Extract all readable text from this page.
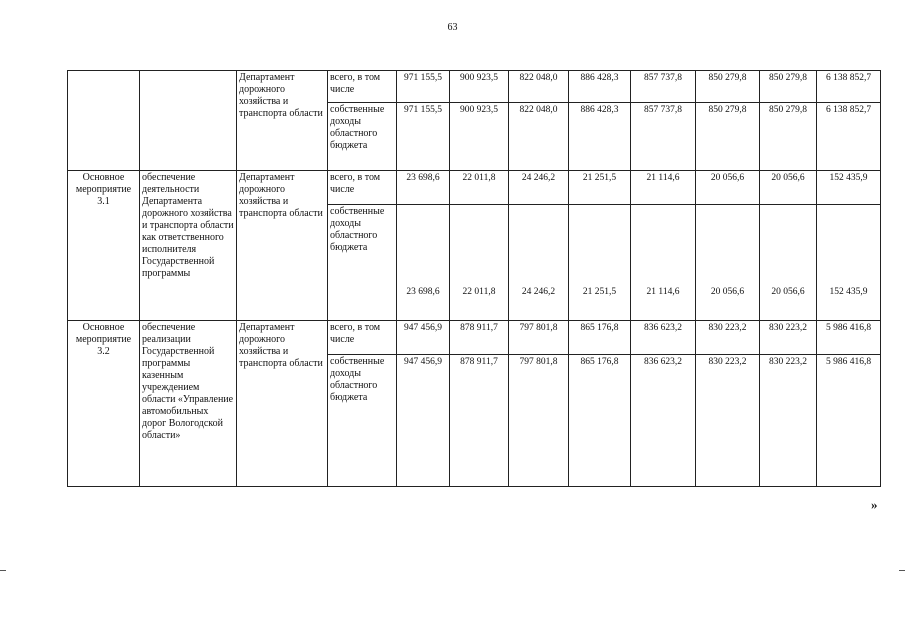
63
		Департамент дорожного хозяйства и транспорта области	всего, в том числе	971 155,5	900 923,5	822 048,0	886 428,3	857 737,8	850 279,8	850 279,8	6 138 852,7
			собственные доходы областного бюджета	971 155,5	900 923,5	822 048,0	886 428,3	857 737,8	850 279,8	850 279,8	6 138 852,7
Основное мероприятие 3.1	обеспечение деятельности Департамента дорожного хозяйства и транспорта области как ответственного исполнителя Государственной программы	Департамент дорожного хозяйства и транспорта области	всего, в том числе	23 698,6	22 011,8	24 246,2	21 251,5	21 114,6	20 056,6	20 056,6	152 435,9
			собственные доходы областного бюджета	23 698,6	22 011,8	24 246,2	21 251,5	21 114,6	20 056,6	20 056,6	152 435,9
Основное мероприятие 3.2	обеспечение реализации Государственной программы казенным учреждением области «Управление автомобильных дорог Вологодской области»	Департамент дорожного хозяйства и транспорта области	всего, в том числе	947 456,9	878 911,7	797 801,8	865 176,8	836 623,2	830 223,2	830 223,2	5 986 416,8
			собственные доходы областного бюджета	947 456,9	878 911,7	797 801,8	865 176,8	836 623,2	830 223,2	830 223,2	5 986 416,8
»
